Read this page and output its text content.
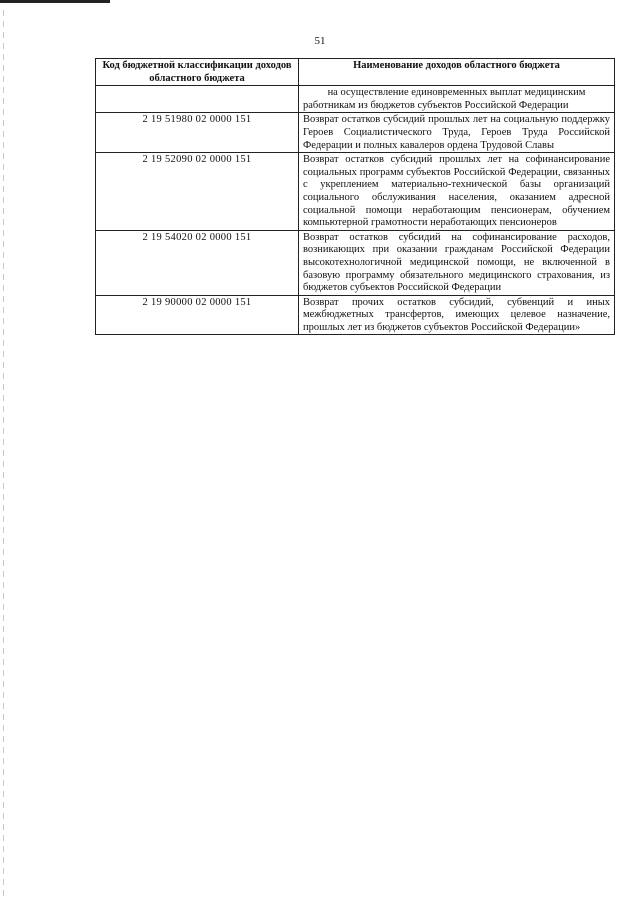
51
Код бюджетной классификации доходов областного бюджета	Наименование доходов областного бюджета
	на осуществление единовременных выплат медицинским работникам из бюджетов субъектов Российской Федерации
2 19 51980 02 0000 151	Возврат остатков субсидий прошлых лет на социальную поддержку Героев Социалистического Труда, Героев Труда Российской Федерации и полных кавалеров ордена Трудовой Славы
2 19 52090 02 0000 151	Возврат остатков субсидий прошлых лет на софинансирование социальных программ субъектов Российской Федерации, связанных с укреплением материально-технической базы организаций социального обслуживания населения, оказанием адресной социальной помощи неработающим пенсионерам, обучением компьютерной грамотности неработающих пенсионеров
2 19 54020 02 0000 151	Возврат остатков субсидий на софинансирование расходов, возникающих при оказании гражданам Российской Федерации высокотехнологичной медицинской помощи, не включенной в базовую программу обязательного медицинского страхования, из бюджетов субъектов Российской Федерации
2 19 90000 02 0000 151	Возврат прочих остатков субсидий, субвенций и иных межбюджетных трансфертов, имеющих целевое назначение, прошлых лет из бюджетов субъектов Российской Федерации»
